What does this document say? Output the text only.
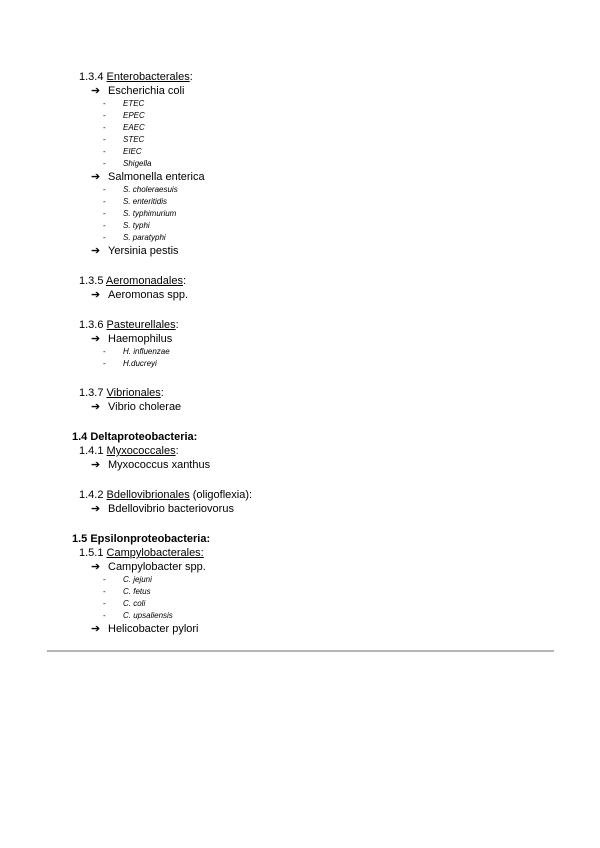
1.3.4 Enterobacterales:
➔ Escherichia coli
- ETEC
- EPEC
- EAEC
- STEC
- EIEC
- Shigella
➔ Salmonella enterica
- S. choleraesuis
- S. enteritidis
- S. typhimurium
- S. typhi
- S. paratyphi
➔ Yersinia pestis
1.3.5 Aeromonadales:
➔ Aeromonas spp.
1.3.6 Pasteurellales:
➔ Haemophilus
- H. influenzae
- H.ducreyi
1.3.7 Vibrionales:
➔ Vibrio cholerae
1.4 Deltaproteobacteria:
1.4.1 Myxococcales:
➔ Myxococcus xanthus
1.4.2 Bdellovibrionales (oligoflexia):
➔ Bdellovibrio bacteriovorus
1.5 Epsilonproteobacteria:
1.5.1 Campylobacterales:
➔ Campylobacter spp.
- C. jejuni
- C. fetus
- C. coli
- C. upsaliensis
➔ Helicobacter pylori
